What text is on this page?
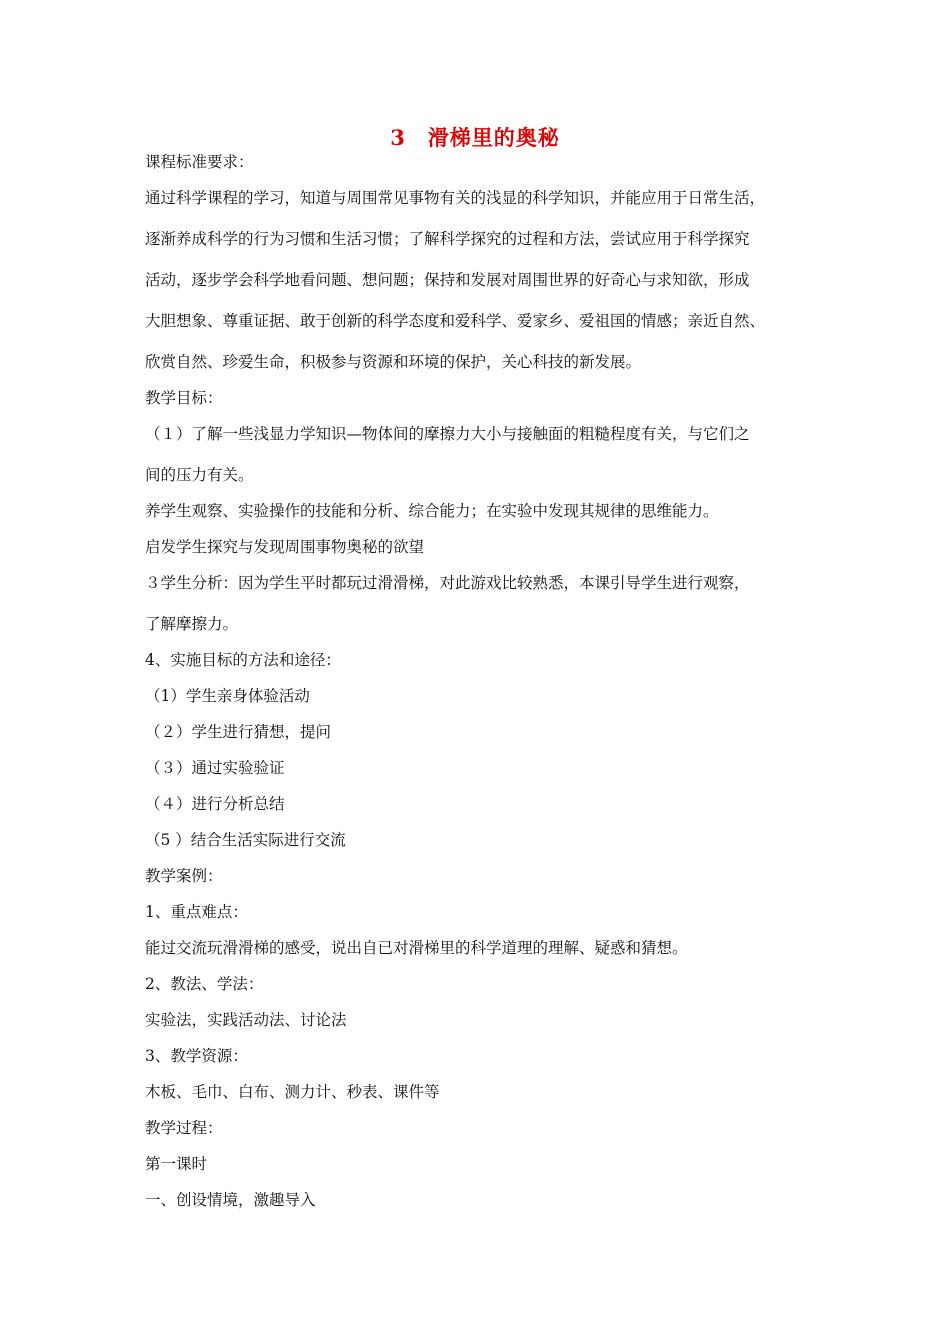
3　滑梯里的奥秘
课程标准要求：
通过科学课程的学习，知道与周围常见事物有关的浅显的科学知识，并能应用于日常生活，
逐渐养成科学的行为习惯和生活习惯；了解科学探究的过程和方法，尝试应用于科学探究
活动，逐步学会科学地看问题、想问题；保持和发展对周围世界的好奇心与求知欲，形成
大胆想象、尊重证据、敢于创新的科学态度和爱科学、爱家乡、爱祖国的情感；亲近自然、
欣赏自然、珍爱生命，积极参与资源和环境的保护，关心科技的新发展。
教学目标：
（１）了解一些浅显力学知识—物体间的摩擦力大小与接触面的粗糙程度有关，与它们之
间的压力有关。
养学生观察、实验操作的技能和分析、综合能力；在实验中发现其规律的思维能力。
启发学生探究与发现周围事物奥秘的欲望
３学生分析：因为学生平时都玩过滑滑梯，对此游戏比较熟悉，本课引导学生进行观察，
了解摩擦力。
4、实施目标的方法和途径：
（1）学生亲身体验活动
（２）学生进行猜想，提问
（３）通过实验验证
（４）进行分析总结
（5 ）结合生活实际进行交流
教学案例：
1、重点难点：
能过交流玩滑滑梯的感受，说出自已对滑梯里的科学道理的理解、疑惑和猜想。
2、教法、学法：
实验法，实践活动法、讨论法
3、教学资源：
木板、毛巾、白布、测力计、秒表、课件等
教学过程：
第一课时
一、创设情境，激趣导入
